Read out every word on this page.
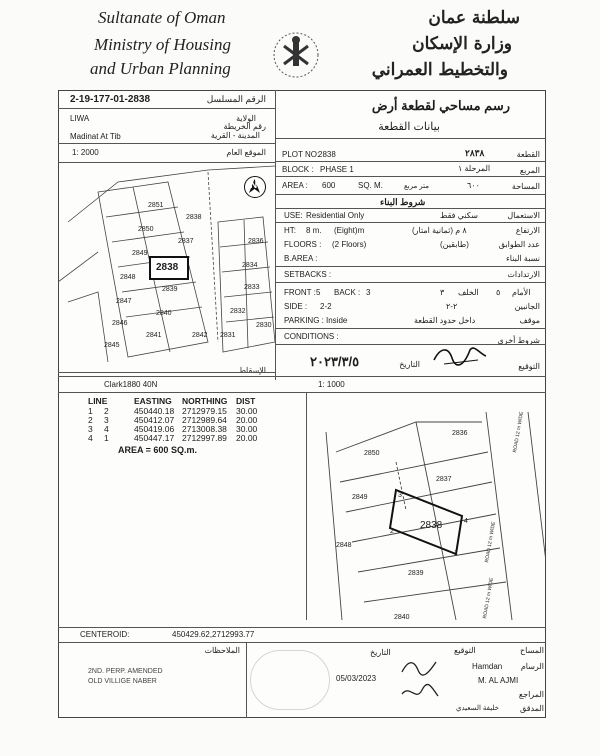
Sultanate of Oman
Ministry of Housing
and Urban Planning
سلطنة عمان
وزارة الإسكان
والتخطيط العمراني
2-19-177-01-2838	الرقم المسلسل	رسم مساحي لقطعة أرض
بيانات القطعة
LIWA	الولاية
رقم الخريطة
Madinat At Tib	المدينة - القرية
1: 2000	الموقع العام
2838
2851
2838
2850
2837
2849
2836
2848
2839
2847
2840
2834
2846
2841
2833
2845
2842
2832
2831
2830
N
PLOT NO:
2838	٢٨٣٨	القطعة
BLOCK : PHASE 1	المرحلة ١	المربع
AREA : 600	SQ. M.	متر مربع	٦٠٠	المساحة
شروط البناء
USE: Residential Only	سكني فقط	الاستعمال
HT: 8 m. (Eight)m	٨ م (ثمانية امتار)	الارتفاع
FLOORS : (2 Floors)	(طابقين)	عدد الطوابق
B.AREA :	نسبة البناء
SETBACKS :	الارتدادات
FRONT : 5 BACK : 3	٣ الخلف ٥ الأمام
SIDE : 2-2	٢-٢	الجانبين
PARKING : Inside	داخل حدود القطعة	موقف
CONDITIONS :	شروط أخرى
التوقيع
٢٠٢٣/٣/٥	التاريخ
الإسقاط
Clark1880 40N	1: 1000
LINE	EASTING	NORTHING	DIST
1	2	450440.18 2712979.15	30.00
2	3	450412.07 2712989.64	20.00
3	4	450419.06 2713008.38	30.00
4	1	450447.17 2712997.89	20.00
AREA = 600 SQ.m.
2836
2850
2837
2849
2838
2848
2839
2840
1
2
3
4
ROAD 12 m WIDE
ROAD 12 m WIDE
ROAD 12 m WIDE
CENTEROID:	450429.62,2712993.77
الملاحظات
2ND. PERP. AMENDED
OLD VILLIGE NABER
التاريخ	التوقيع	المساح
Hamdan	الرسام
05/03/2023	M. AL AJMI
المراجع
خليفة السعيدي	المدقق
